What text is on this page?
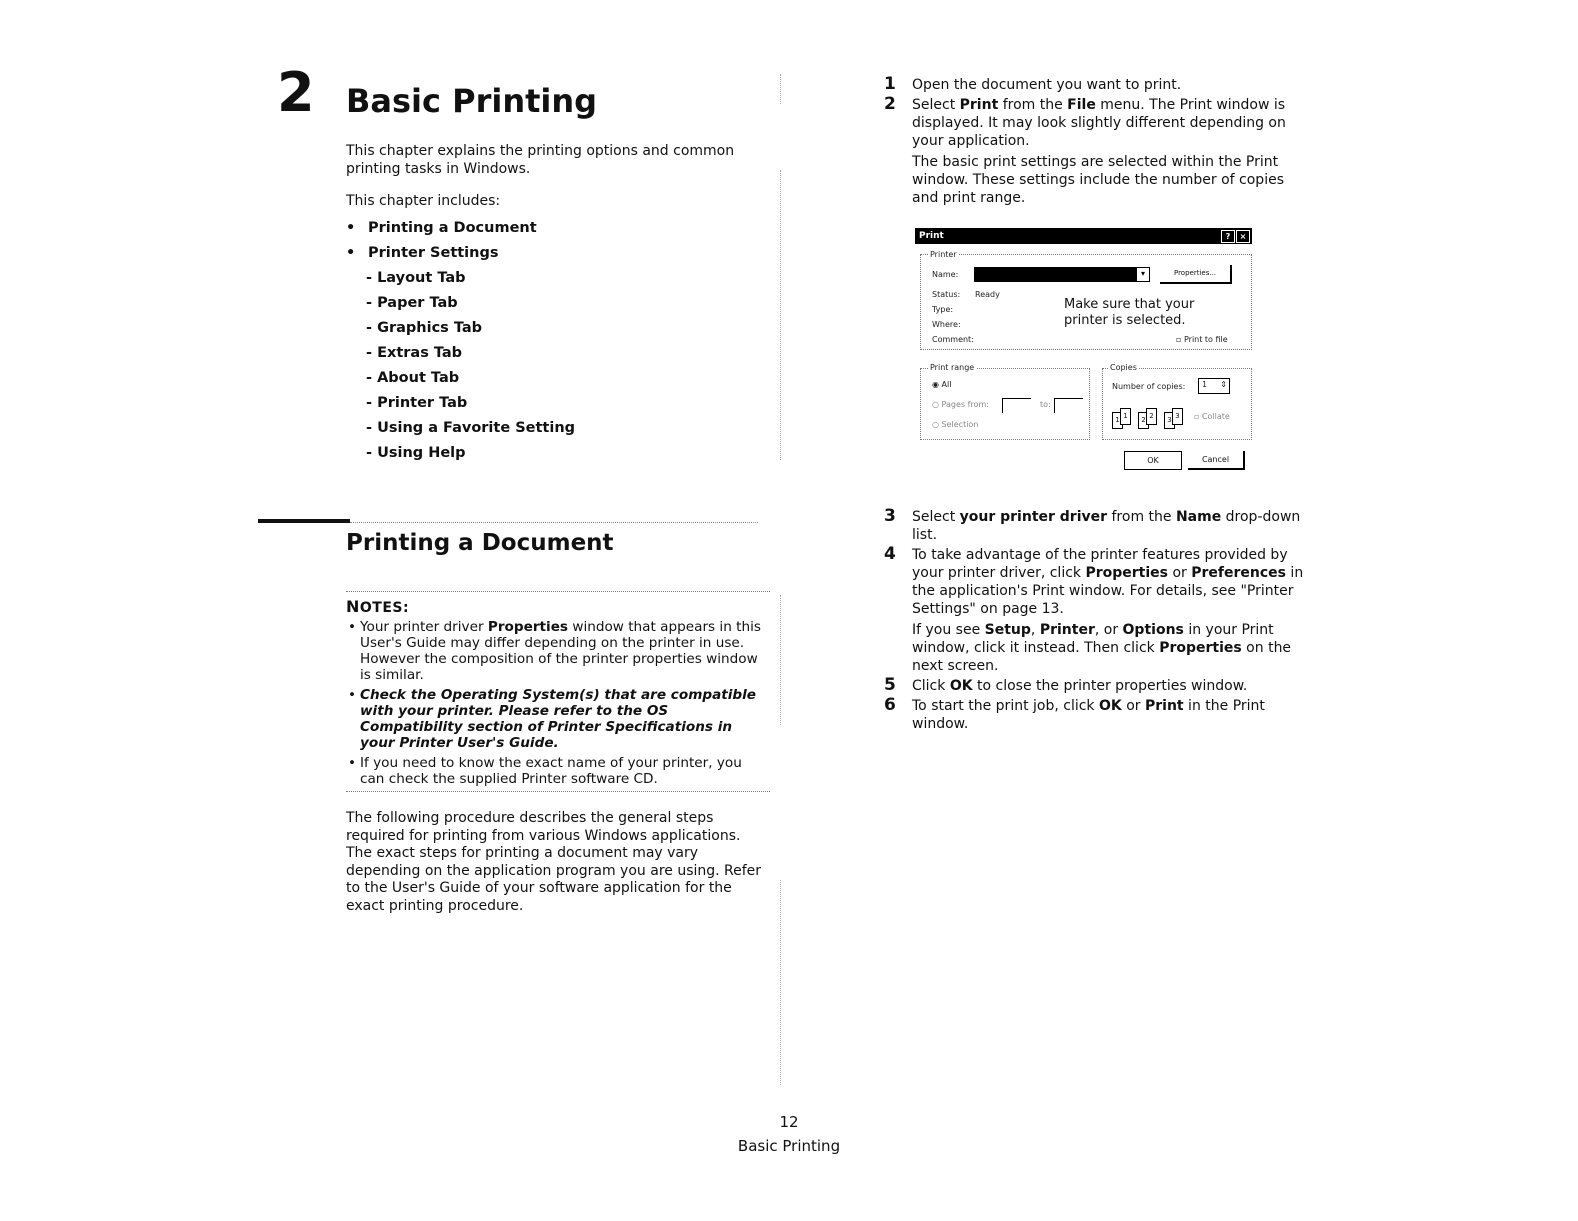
2 Basic Printing
This chapter explains the printing options and common printing tasks in Windows.
This chapter includes:
• Printing a Document
• Printer Settings
- Layout Tab
- Paper Tab
- Graphics Tab
- Extras Tab
- About Tab
- Printer Tab
- Using a Favorite Setting
- Using Help
Printing a Document
NOTES:
• Your printer driver Properties window that appears in this User's Guide may differ depending on the printer in use. However the composition of the printer properties window is similar.
• Check the Operating System(s) that are compatible with your printer. Please refer to the OS Compatibility section of Printer Specifications in your Printer User's Guide.
• If you need to know the exact name of your printer, you can check the supplied Printer software CD.
The following procedure describes the general steps required for printing from various Windows applications. The exact steps for printing a document may vary depending on the application program you are using. Refer to the User's Guide of your software application for the exact printing procedure.
1 Open the document you want to print.
2 Select Print from the File menu. The Print window is displayed. It may look slightly different depending on your application.
The basic print settings are selected within the Print window. These settings include the number of copies and print range.
Print	?	×
Printer
Name:	▾	Properties...
Status: Ready
Type:
Where:
Comment:	▫ Print to file
Make sure that your
printer is selected.
Print range
◉ All
○ Pages from:	to:
○ Selection
Copies
Number of copies: 1 ⇕
1 1	2 2	3 3	▫ Collate
OK	Cancel
3 Select your printer driver from the Name drop-down list.
4 To take advantage of the printer features provided by your printer driver, click Properties or Preferences in the application's Print window. For details, see "Printer Settings" on page 13.
If you see Setup, Printer, or Options in your Print window, click it instead. Then click Properties on the next screen.
5 Click OK to close the printer properties window.
6 To start the print job, click OK or Print in the Print window.
12
Basic Printing
